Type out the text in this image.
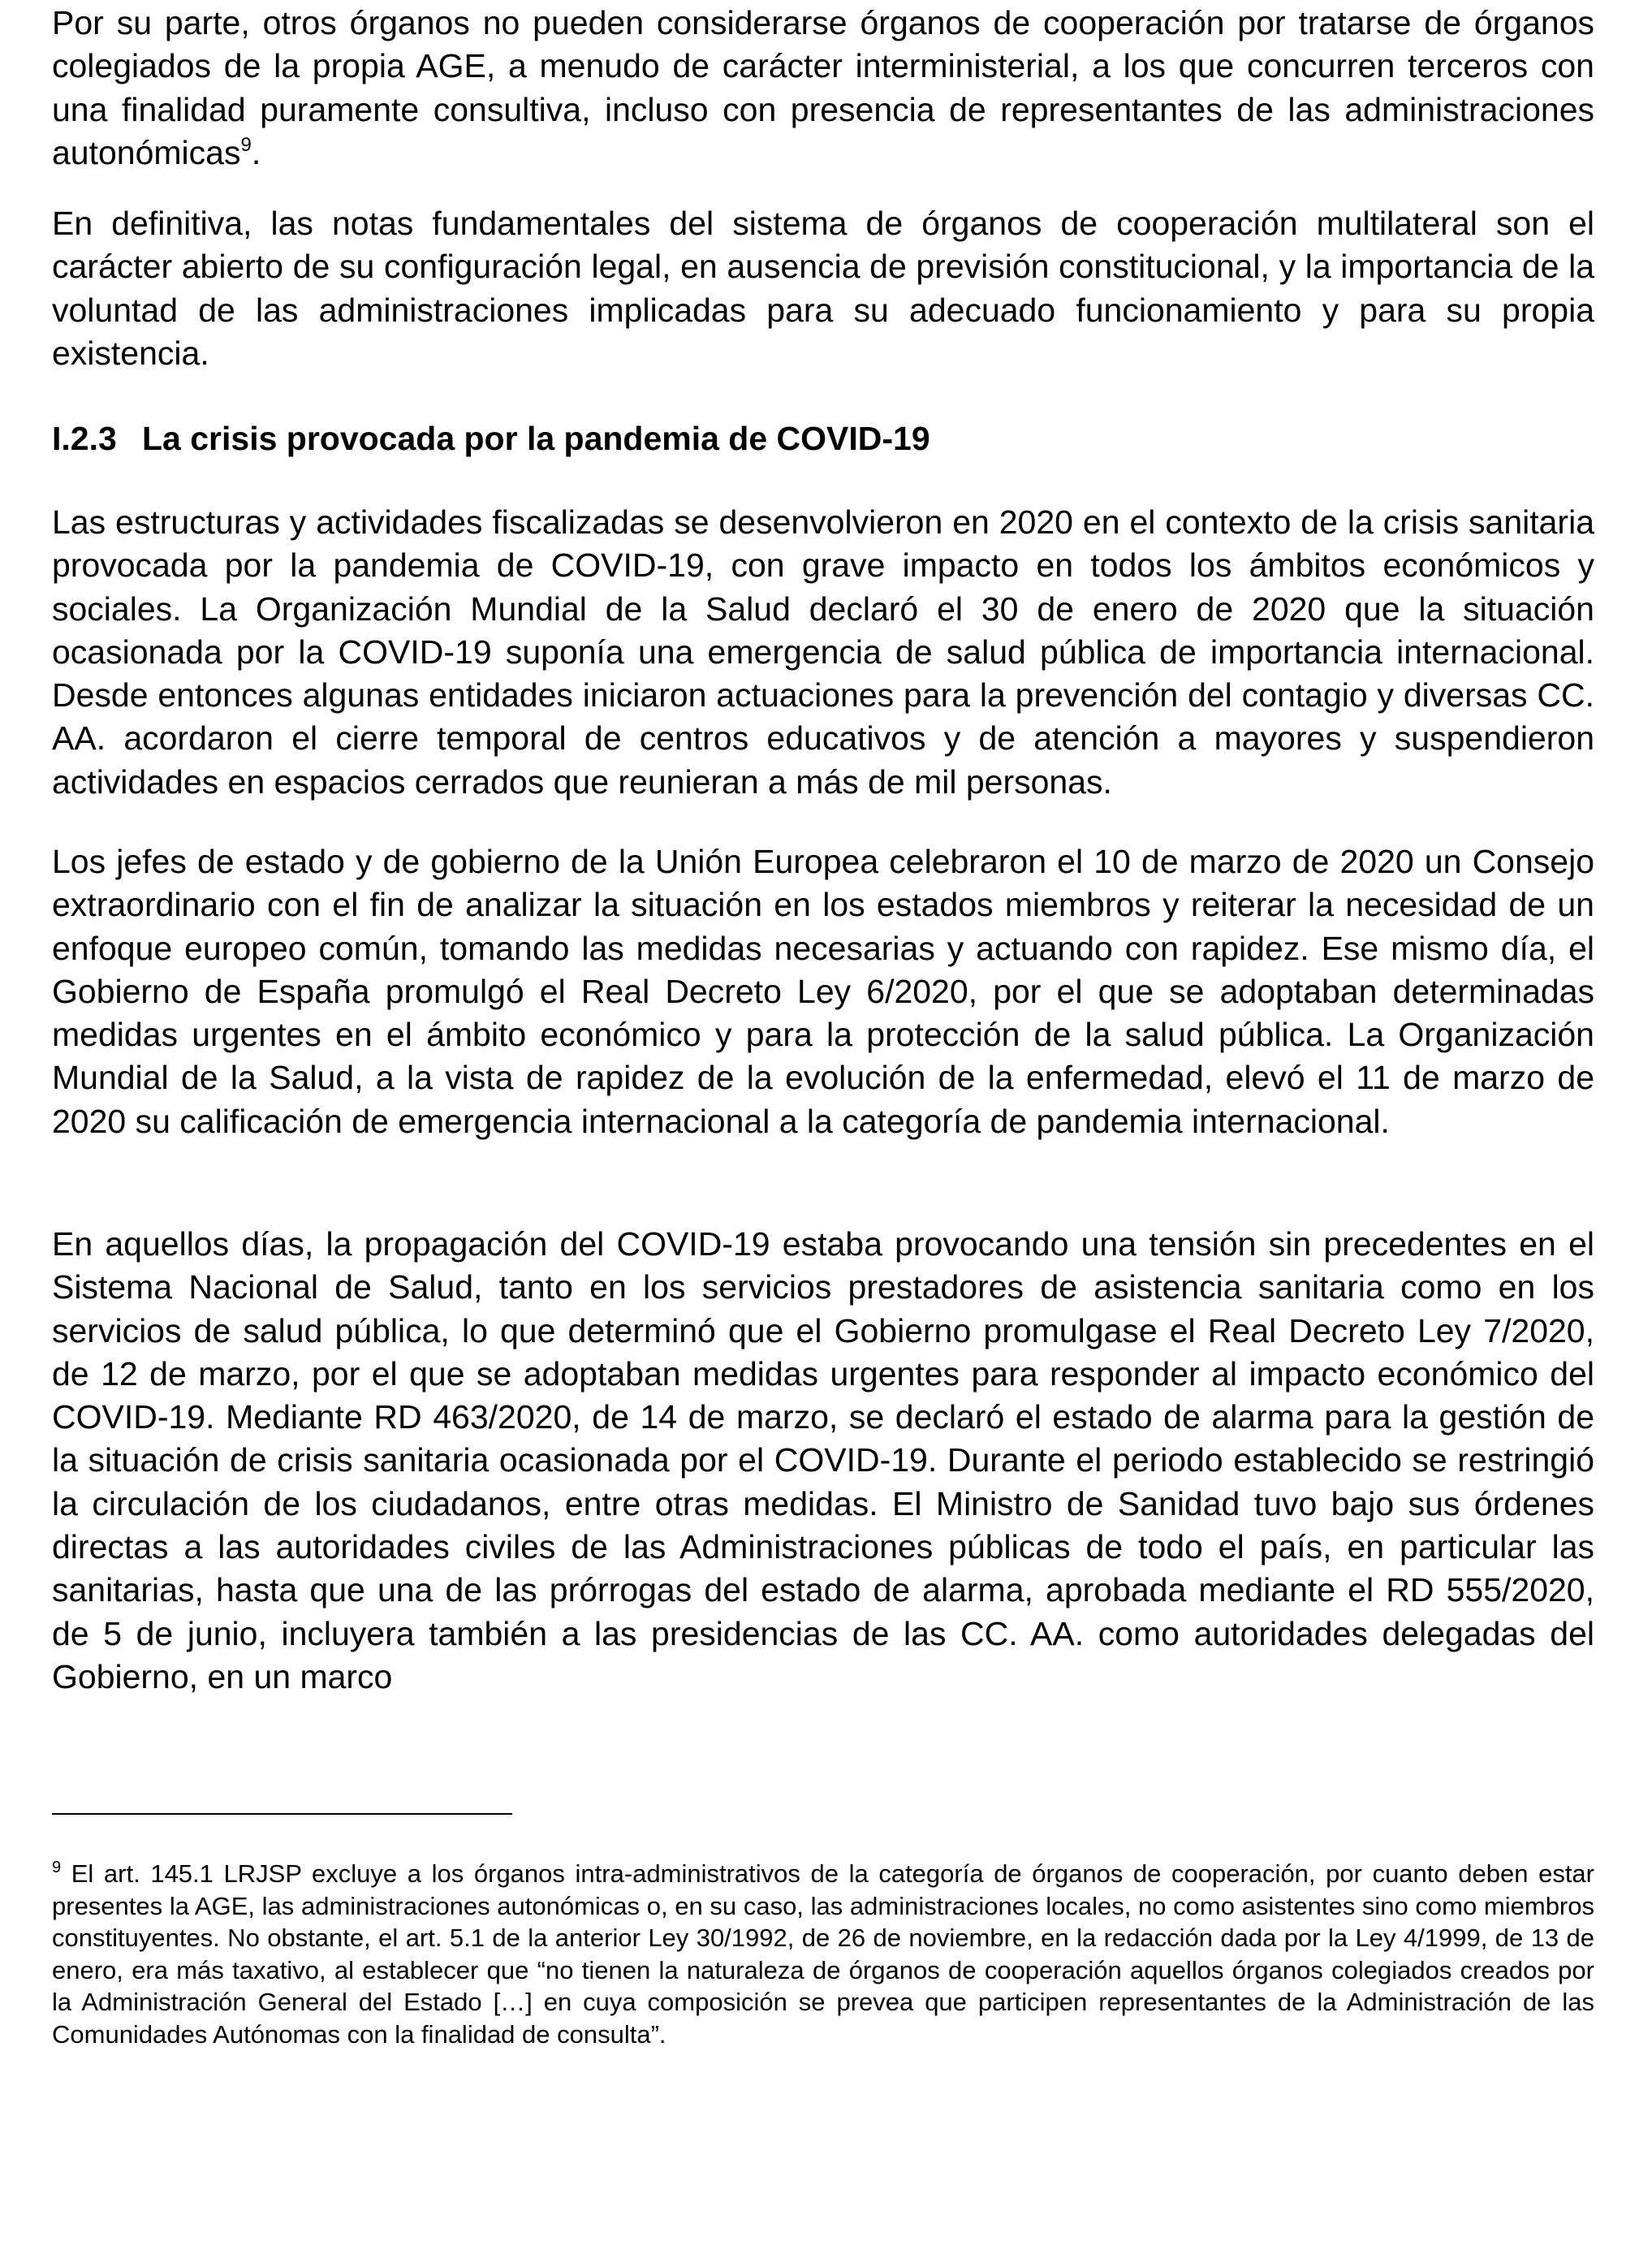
Por su parte, otros órganos no pueden considerarse órganos de cooperación por tratarse de órganos colegiados de la propia AGE, a menudo de carácter interministerial, a los que concurren terceros con una finalidad puramente consultiva, incluso con presencia de representantes de las administraciones autonómicas$^9$.

En definitiva, las notas fundamentales del sistema de órganos de cooperación multilateral son el carácter abierto de su configuración legal, en ausencia de previsión constitucional, y la importancia de la voluntad de las administraciones implicadas para su adecuado funcionamiento y para su propia existencia.

I.2.3 La crisis provocada por la pandemia de COVID-19

Las estructuras y actividades fiscalizadas se desenvolvieron en 2020 en el contexto de la crisis sanitaria provocada por la pandemia de COVID-19, con grave impacto en todos los ámbitos económicos y sociales. La Organización Mundial de la Salud declaró el 30 de enero de 2020 que la situación ocasionada por la COVID-19 suponía una emergencia de salud pública de importancia internacional. Desde entonces algunas entidades iniciaron actuaciones para la prevención del contagio y diversas CC. AA. acordaron el cierre temporal de centros educativos y de atención a mayores y suspendieron actividades en espacios cerrados que reunieran a más de mil personas.

Los jefes de estado y de gobierno de la Unión Europea celebraron el 10 de marzo de 2020 un Consejo extraordinario con el fin de analizar la situación en los estados miembros y reiterar la necesidad de un enfoque europeo común, tomando las medidas necesarias y actuando con rapidez. Ese mismo día, el Gobierno de España promulgó el Real Decreto Ley 6/2020, por el que se adoptaban determinadas medidas urgentes en el ámbito económico y para la protección de la salud pública. La Organización Mundial de la Salud, a la vista de rapidez de la evolución de la enfermedad, elevó el 11 de marzo de 2020 su calificación de emergencia internacional a la categoría de pandemia internacional.

En aquellos días, la propagación del COVID-19 estaba provocando una tensión sin precedentes en el Sistema Nacional de Salud, tanto en los servicios prestadores de asistencia sanitaria como en los servicios de salud pública, lo que determinó que el Gobierno promulgase el Real Decreto Ley 7/2020, de 12 de marzo, por el que se adoptaban medidas urgentes para responder al impacto económico del COVID-19. Mediante RD 463/2020, de 14 de marzo, se declaró el estado de alarma para la gestión de la situación de crisis sanitaria ocasionada por el COVID-19. Durante el periodo establecido se restringió la circulación de los ciudadanos, entre otras medidas. El Ministro de Sanidad tuvo bajo sus órdenes directas a las autoridades civiles de las Administraciones públicas de todo el país, en particular las sanitarias, hasta que una de las prórrogas del estado de alarma, aprobada mediante el RD 555/2020, de 5 de junio, incluyera también a las presidencias de las CC. AA. como autoridades delegadas del Gobierno, en un marco

$^9$ El art. 145.1 LRJSP excluye a los órganos intra-administrativos de la categoría de órganos de cooperación, por cuanto deben estar presentes la AGE, las administraciones autonómicas o, en su caso, las administraciones locales, no como asistentes sino como miembros constituyentes. No obstante, el art. 5.1 de la anterior Ley 30/1992, de 26 de noviembre, en la redacción dada por la Ley 4/1999, de 13 de enero, era más taxativo, al establecer que “no tienen la naturaleza de órganos de cooperación aquellos órganos colegiados creados por la Administración General del Estado […] en cuya composición se prevea que participen representantes de la Administración de las Comunidades Autónomas con la finalidad de consulta”.
